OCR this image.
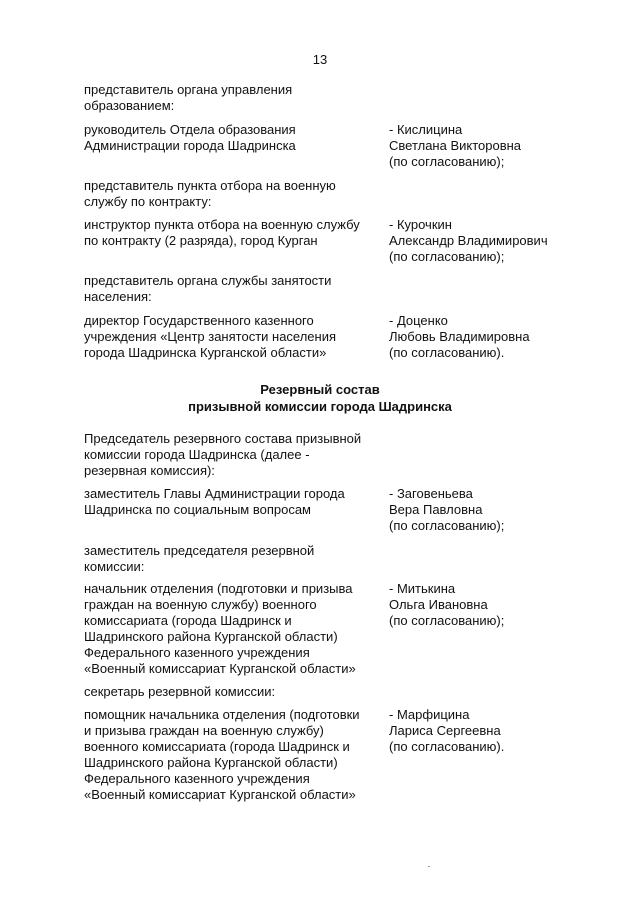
13
представитель органа управления
образованием:
руководитель Отдела образования
Администрации города Шадринска
- Кислицина
Светлана Викторовна
(по согласованию);
представитель пункта отбора на военную
службу по контракту:
инструктор пункта отбора на военную службу
по контракту (2 разряда), город Курган
- Курочкин
Александр Владимирович
(по согласованию);
представитель органа службы занятости
населения:
директор Государственного казенного
учреждения «Центр занятости населения
города Шадринска Курганской области»
- Доценко
Любовь Владимировна
(по согласованию).
Резервный состав
призывной комиссии города Шадринска
Председатель резервного состава призывной
комиссии города Шадринска (далее -
резервная комиссия):
заместитель Главы Администрации города
Шадринска по социальным вопросам
- Заговеньева
Вера Павловна
(по согласованию);
заместитель председателя резервной
комиссии:
начальник отделения (подготовки и призыва
граждан на военную службу) военного
комиссариата (города Шадринск и
Шадринского района Курганской области)
Федерального казенного учреждения
«Военный комиссариат Курганской области»
- Митькина
Ольга Ивановна
(по согласованию);
секретарь резервной комиссии:
помощник начальника отделения (подготовки
и призыва граждан на военную службу)
военного комиссариата (города Шадринск и
Шадринского района Курганской области)
Федерального казенного учреждения
«Военный комиссариат Курганской области»
- Марфицина
Лариса Сергеевна
(по согласованию).
